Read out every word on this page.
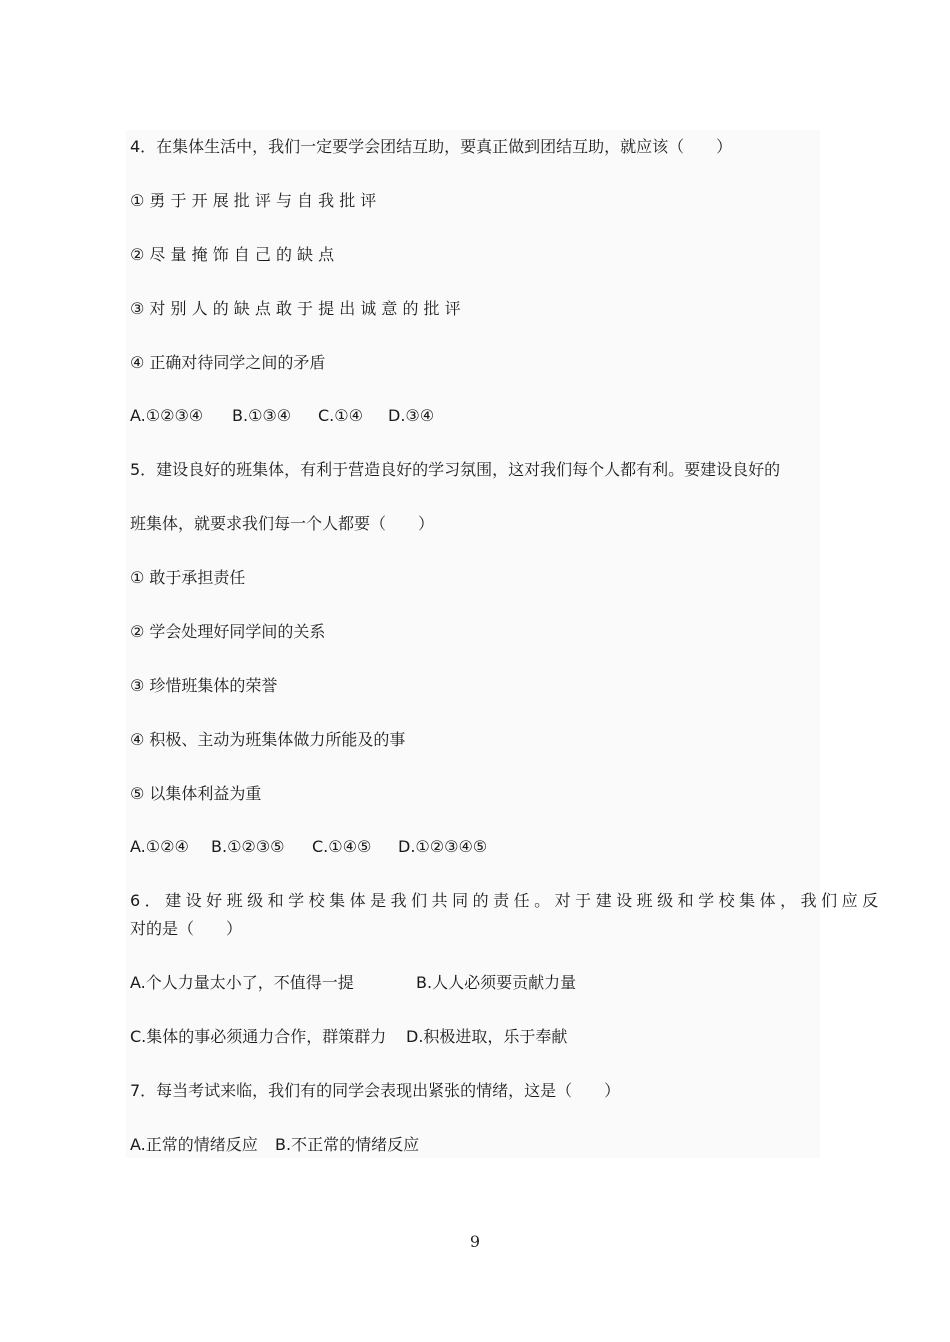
4．在集体生活中，我们一定要学会团结互助，要真正做到团结互助，就应该（　　）
① 勇 于 开 展 批 评 与 自 我 批 评
② 尽 量 掩 饰 自 己 的 缺 点
③ 对 别 人 的 缺 点 敢 于 提 出 诚 意 的 批 评
④ 正确对待同学之间的矛盾
A.①②③④ B.①③④ C.①④ D.③④
5．建设良好的班集体，有利于营造良好的学习氛围，这对我们每个人都有利。要建设良好的
班集体，就要求我们每一个人都要（　　）
① 敢于承担责任
② 学会处理好同学间的关系
③ 珍惜班集体的荣誉
④ 积极、主动为班集体做力所能及的事
⑤ 以集体利益为重
A.①②④ B.①②③⑤ C.①④⑤ D.①②③④⑤
6．建设好班级和学校集体是我们共同的责任。对于建设班级和学校集体，我们应反
对的是（　　）
A.个人力量太小了，不值得一提	B.人人必须要贡献力量
C.集体的事必须通力合作，群策群力 D.积极进取，乐于奉献
7．每当考试来临，我们有的同学会表现出紧张的情绪，这是（　　）
A.正常的情绪反应 B.不正常的情绪反应
9
